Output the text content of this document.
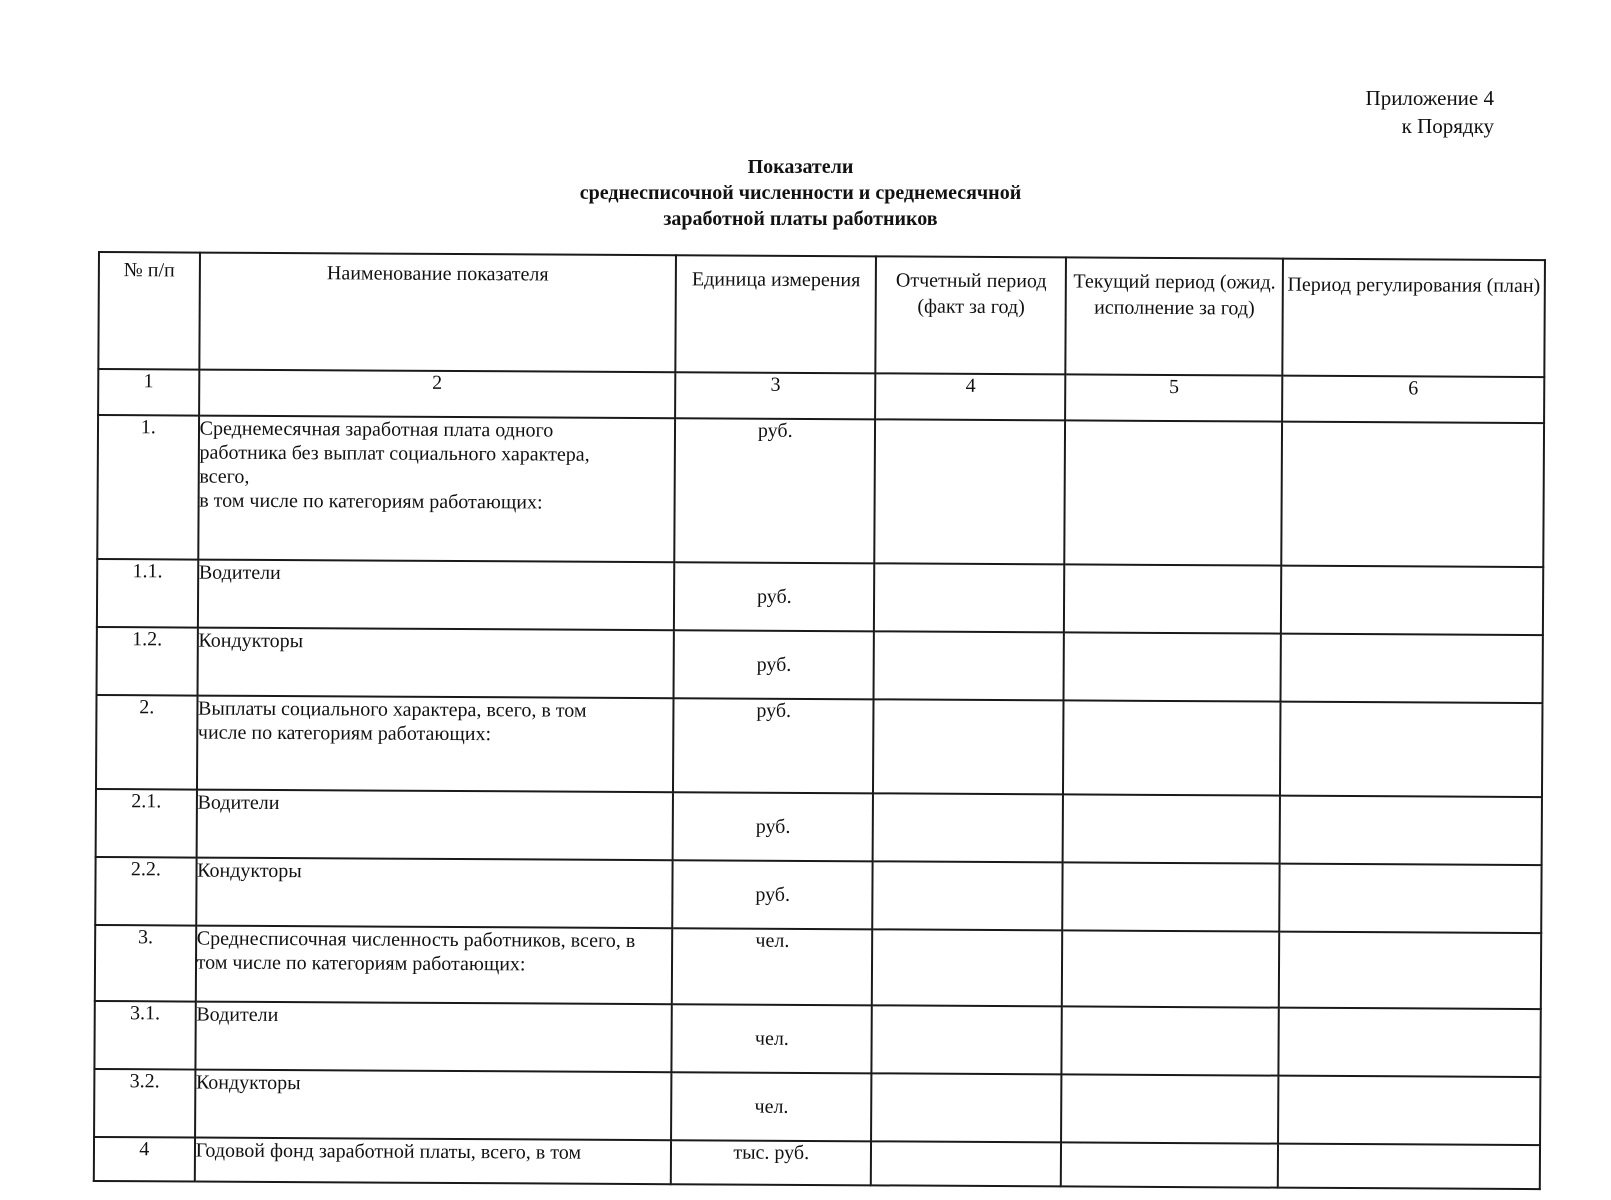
Приложение 4
к Порядку
Показатели
среднесписочной численности и среднемесячной
заработной платы работников
№ п/п	Наименование показателя	Единица измерения	Отчетный период (факт за год)	Текущий период (ожид. исполнение за год)	Период регулирования (план)
1	2	3	4	5	6
1.	Среднемесячная заработная плата одного
работника без выплат социального характера,
всего,
в том числе по категориям работающих:	руб.			
1.1.	Водители	руб.			
1.2.	Кондукторы	руб.			
2.	Выплаты социального характера, всего, в том
числе по категориям работающих:	руб.			
2.1.	Водители	руб.			
2.2.	Кондукторы	руб.			
3.	Среднесписочная численность работников, всего, в
том числе по категориям работающих:	чел.			
3.1.	Водители	чел.			
3.2.	Кондукторы	чел.			
4	Годовой фонд заработной платы, всего, в том	тыс. руб.			
